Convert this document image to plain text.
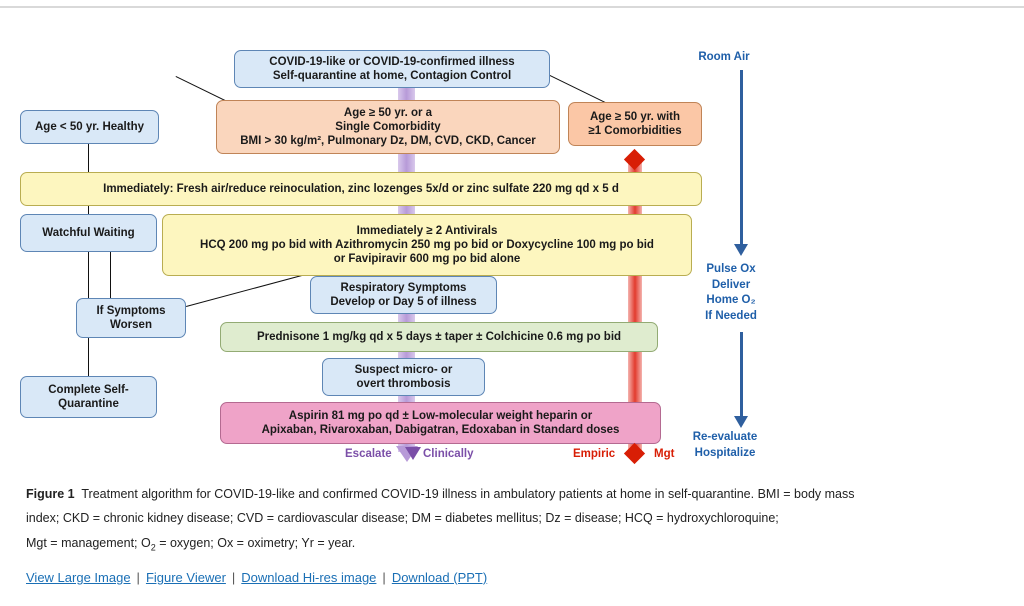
COVID-19-like or COVID-19-confirmed illness
Self-quarantine at home, Contagion Control
Age < 50 yr. Healthy
Age ≥ 50 yr. or a
Single Comorbidity
BMI > 30 kg/m², Pulmonary Dz, DM, CVD, CKD, Cancer
Age ≥ 50 yr. with
≥1 Comorbidities
Immediately: Fresh air/reduce reinoculation, zinc lozenges 5x/d or zinc sulfate 220 mg qd x 5 d
Watchful Waiting	Immediately ≥ 2 Antivirals
HCQ 200 mg po bid with Azithromycin 250 mg po bid or Doxycycline 100 mg po bid
or Favipiravir 600 mg po bid alone
If Symptoms
Worsen
Respiratory Symptoms
Develop or Day 5 of illness
Prednisone 1 mg/kg qd x 5 days ± taper ± Colchicine 0.6 mg po bid
Suspect micro- or
overt thrombosis
Complete Self-
Quarantine
Aspirin 81 mg po qd ± Low-molecular weight heparin or
Apixaban, Rivaroxaban, Dabigatran, Edoxaban in Standard doses
Escalate	Clinically	Empiric	Mgt
Room Air
Pulse Ox
Deliver
Home O₂
If Needed
Re-evaluate
Hospitalize
Figure 1 Treatment algorithm for COVID-19-like and confirmed COVID-19 illness in ambulatory patients at home in self-quarantine. BMI = body mass
index; CKD = chronic kidney disease; CVD = cardiovascular disease; DM = diabetes mellitus; Dz = disease; HCQ = hydroxychloroquine;
Mgt = management; $O_2$ = oxygen; Ox = oximetry; Yr = year.
View Large Image | Figure Viewer | Download Hi-res image | Download (PPT)
